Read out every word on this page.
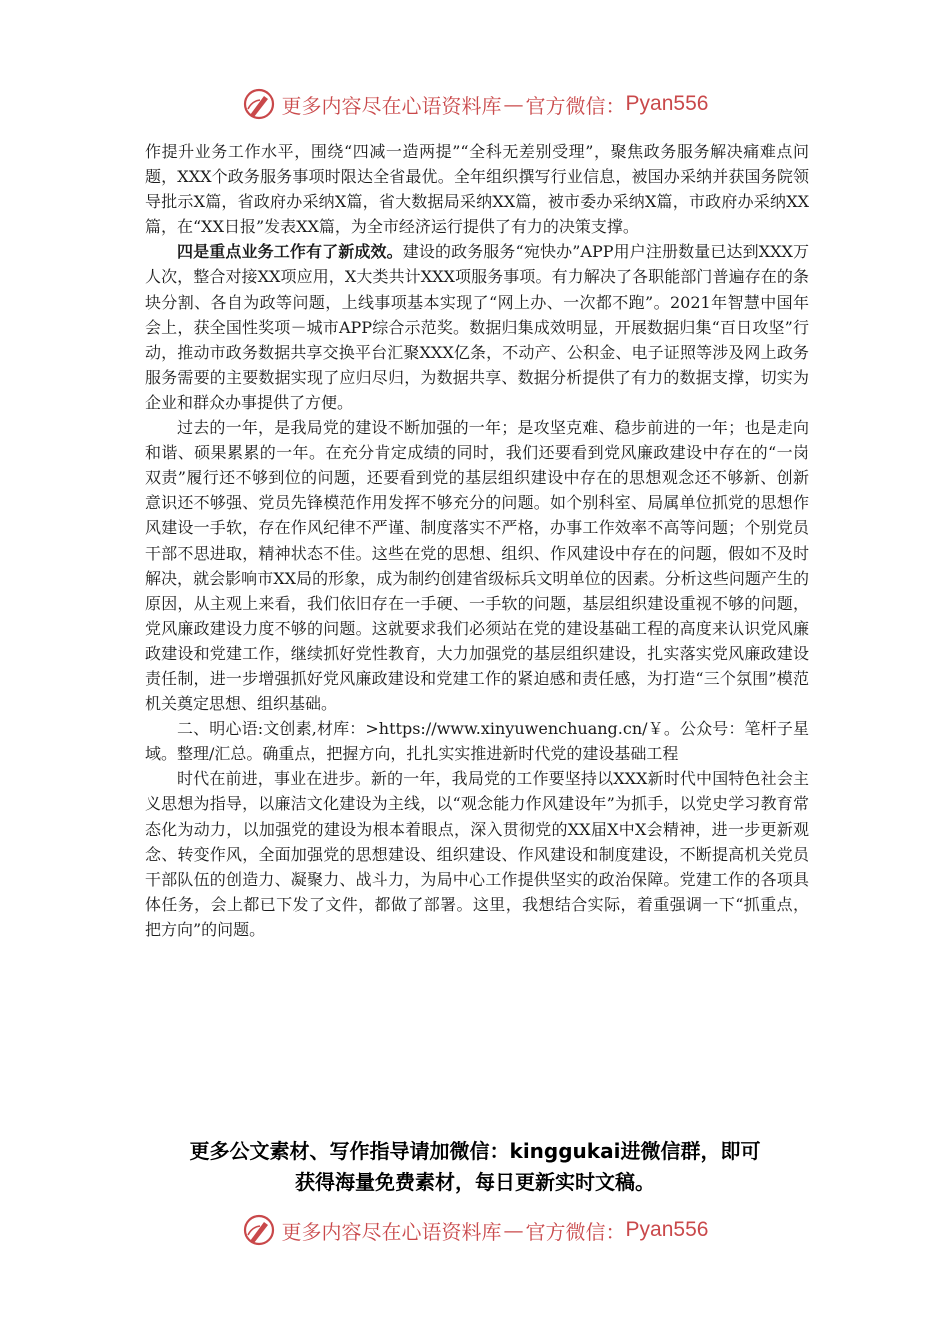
更多内容尽在心语资料库 — 官方微信： Pyan556

作提升业务工作水平，围绕“四减一造两提”“全科无差别受理”，聚焦政务服务解决痛难点问题，XXX个政务服务事项时限达全省最优。全年组织撰写行业信息，被国办采纳并获国务院领导批示X篇，省政府办采纳X篇，省大数据局采纳XX篇，被市委办采纳X篇，市政府办采纳XX篇，在“XX日报”发表XX篇，为全市经济运行提供了有力的决策支撑。

四是重点业务工作有了新成效。建设的政务服务“宛快办”APP用户注册数量已达到XXX万人次，整合对接XX项应用，X大类共计XXX项服务事项。有力解决了各职能部门普遍存在的条块分割、各自为政等问题，上线事项基本实现了“网上办、一次都不跑”。2021年智慧中国年会上，获全国性奖项－城市APP综合示范奖。数据归集成效明显，开展数据归集“百日攻坚”行动，推动市政务数据共享交换平台汇聚XXX亿条，不动产、公积金、电子证照等涉及网上政务服务需要的主要数据实现了应归尽归，为数据共享、数据分析提供了有力的数据支撑，切实为企业和群众办事提供了方便。

过去的一年，是我局党的建设不断加强的一年；是攻坚克难、稳步前进的一年；也是走向和谐、硕果累累的一年。在充分肯定成绩的同时，我们还要看到党风廉政建设中存在的“一岗双责”履行还不够到位的问题，还要看到党的基层组织建设中存在的思想观念还不够新、创新意识还不够强、党员先锋模范作用发挥不够充分的问题。如个别科室、局属单位抓党的思想作风建设一手软，存在作风纪律不严谨、制度落实不严格，办事工作效率不高等问题；个别党员干部不思进取，精神状态不佳。这些在党的思想、组织、作风建设中存在的问题，假如不及时解决，就会影响市XX局的形象，成为制约创建省级标兵文明单位的因素。分析这些问题产生的原因，从主观上来看，我们依旧存在一手硬、一手软的问题，基层组织建设重视不够的问题，党风廉政建设力度不够的问题。这就要求我们必须站在党的建设基础工程的高度来认识党风廉政建设和党建工作，继续抓好党性教育，大力加强党的基层组织建设，扎实落实党风廉政建设责任制，进一步增强抓好党风廉政建设和党建工作的紧迫感和责任感，为打造“三个氛围”模范机关奠定思想、组织基础。

二、明心语:文创素,材库：>https://www.xinyuwenchuang.cn/￥。公众号：笔杆子星域。整理/汇总。确重点，把握方向，扎扎实实推进新时代党的建设基础工程

时代在前进，事业在进步。新的一年，我局党的工作要坚持以XXX新时代中国特色社会主义思想为指导，以廉洁文化建设为主线，以“观念能力作风建设年”为抓手，以党史学习教育常态化为动力，以加强党的建设为根本着眼点，深入贯彻党的XX届X中X会精神，进一步更新观念、转变作风，全面加强党的思想建设、组织建设、作风建设和制度建设，不断提高机关党员干部队伍的创造力、凝聚力、战斗力，为局中心工作提供坚实的政治保障。党建工作的各项具体任务，会上都已下发了文件，都做了部署。这里，我想结合实际，着重强调一下“抓重点，把方向”的问题。

更多公文素材、写作指导请加微信：kinggukai进微信群，即可
获得海量免费素材，每日更新实时文稿。
更多内容尽在心语资料库 — 官方微信： Pyan556
